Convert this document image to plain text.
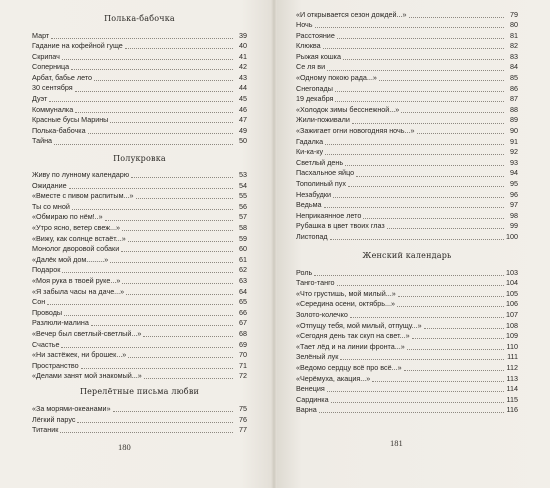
Полька-бабочка
Март	39
Гадание на кофейной гуще	40
Скрипач	41
Соперница	42
Арбат, бабье лето	43
30 сентября	44
Дуэт	45
Коммуналка	46
Красные бусы Марины	47
Полька-бабочка	49
Тайна	50
Полукровка
Живу по лунному календарю	53
Ожидание	54
«Вместе с пивом распитым...»	55
Ты со мной	56
«Обмираю по нём!..»	57
«Утро ясно, ветер свеж...»	58
«Вижу, как солнце встаёт...»	59
Монолог дворовой собаки	60
«Далёк мой дом.........»	61
Подарок	62
«Моя рука в твоей руке...»	63
«Я забыла часы на даче...»	64
Сон	65
Проводы	66
Разлюли-малина	67
«Вечер был светлый-светлый...»	68
Счастье	69
«Ни застёжек, ни брошек...»	70
Пространство	71
«Делами занят мой знакомый...»	72
Перелётные письма любви
«За морями-океанами»	75
Лёгкий парус	76
Титаник	77
180	181
«И открывается сезон дождей...»	79
Ночь	80
Расстояние	81
Клюква	82
Рыжая кошка	83
Се ля ви	84
«Одному покою рада...»	85
Снегопады	86
19 декабря	87
«Холодок зимы бесснежной...»	88
Жили-поживали	89
«Зажигает огни новогодняя ночь...»	90
Гадалка	91
Ки-ка-ку	92
Светлый день	93
Пасхальное яйцо	94
Тополиный пух	95
Незабудки	96
Ведьма	97
Неприкаянное лето	98
Рубашка в цвет твоих глаз	99
Листопад	100
Женский календарь
Роль	103
Танго-танго	104
«Что грустишь, мой милый...»	105
«Середина осени, октябрь...»	106
Золото-колечко	107
«Отпущу тебя, мой милый, отпущу...»	108
«Сегодня день так скуп на свет...»	109
«Тает лёд и на линии фронта...»	110
Зелёный лук	111
«Ведомо сердцу всё про всё...»	112
«Черёмуха, акация...»	113
Венеция	114
Сардинка	115
Варна	116
